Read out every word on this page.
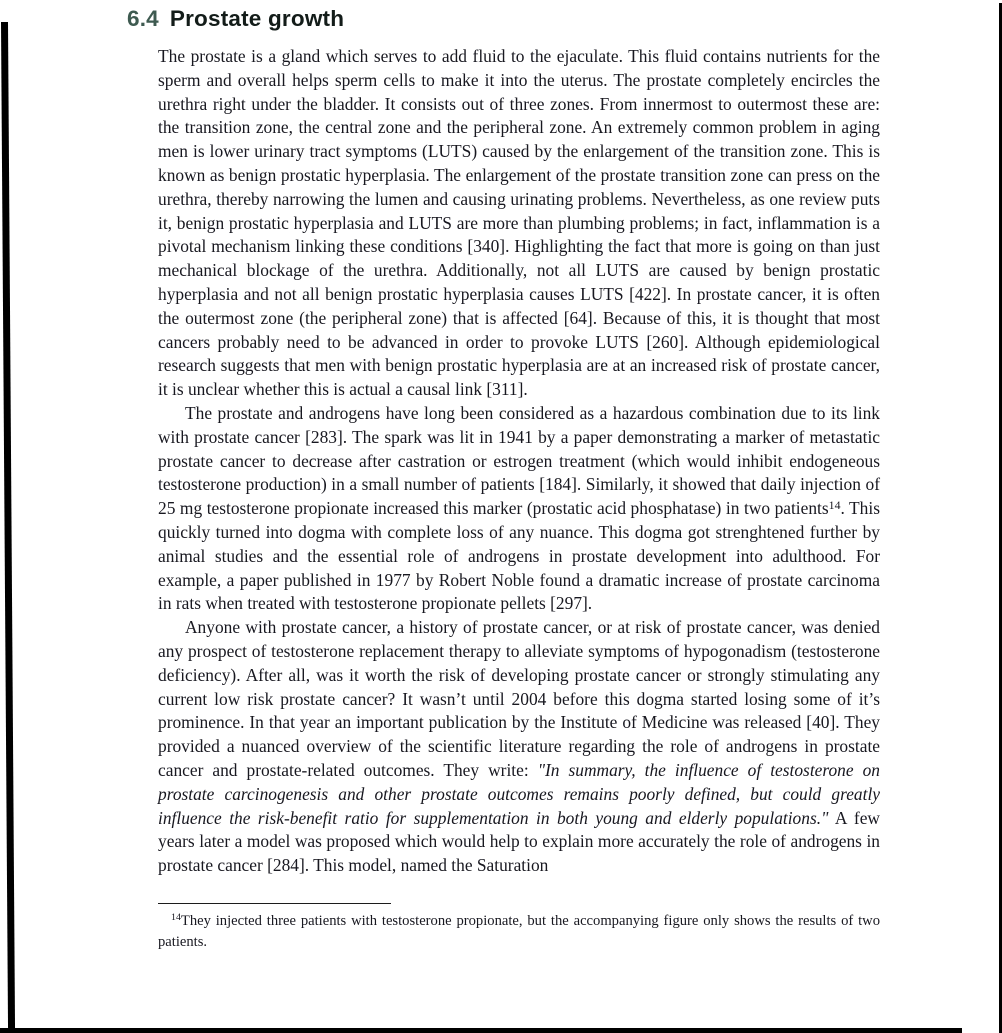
6.4 Prostate growth

The prostate is a gland which serves to add fluid to the ejaculate. This fluid contains nutrients for the sperm and overall helps sperm cells to make it into the uterus. The prostate completely encircles the urethra right under the bladder. It consists out of three zones. From innermost to outermost these are: the transition zone, the central zone and the peripheral zone. An extremely common problem in aging men is lower urinary tract symptoms (LUTS) caused by the enlargement of the transition zone. This is known as benign prostatic hyperplasia. The enlargement of the prostate transition zone can press on the urethra, thereby narrowing the lumen and causing urinating problems. Nevertheless, as one review puts it, benign prostatic hyperplasia and LUTS are more than plumbing problems; in fact, inflammation is a pivotal mechanism linking these conditions [340]. Highlighting the fact that more is going on than just mechanical blockage of the urethra. Additionally, not all LUTS are caused by benign prostatic hyperplasia and not all benign prostatic hyperplasia causes LUTS [422]. In prostate cancer, it is often the outermost zone (the peripheral zone) that is affected [64]. Because of this, it is thought that most cancers probably need to be advanced in order to provoke LUTS [260]. Although epidemiological research suggests that men with benign prostatic hyperplasia are at an increased risk of prostate cancer, it is unclear whether this is actual a causal link [311].

The prostate and androgens have long been considered as a hazardous combination due to its link with prostate cancer [283]. The spark was lit in 1941 by a paper demonstrating a marker of metastatic prostate cancer to decrease after castration or estrogen treatment (which would inhibit endogeneous testosterone production) in a small number of patients [184]. Similarly, it showed that daily injection of 25 mg testosterone propionate increased this marker (prostatic acid phosphatase) in two patients$^{14}$. This quickly turned into dogma with complete loss of any nuance. This dogma got strenghtened further by animal studies and the essential role of androgens in prostate development into adulthood. For example, a paper published in 1977 by Robert Noble found a dramatic increase of prostate carcinoma in rats when treated with testosterone propionate pellets [297].

Anyone with prostate cancer, a history of prostate cancer, or at risk of prostate cancer, was denied any prospect of testosterone replacement therapy to alleviate symptoms of hypogonadism (testosterone deficiency). After all, was it worth the risk of developing prostate cancer or strongly stimulating any current low risk prostate cancer? It wasn’t until 2004 before this dogma started losing some of it’s prominence. In that year an important publication by the Institute of Medicine was released [40]. They provided a nuanced overview of the scientific literature regarding the role of androgens in prostate cancer and prostate-related outcomes. They write: "In summary, the influence of testosterone on prostate carcinogenesis and other prostate outcomes remains poorly defined, but could greatly influence the risk-benefit ratio for supplementation in both young and elderly populations." A few years later a model was proposed which would help to explain more accurately the role of androgens in prostate cancer [284]. This model, named the Saturation

$^{14}$They injected three patients with testosterone propionate, but the accompanying figure only shows the results of two patients.
